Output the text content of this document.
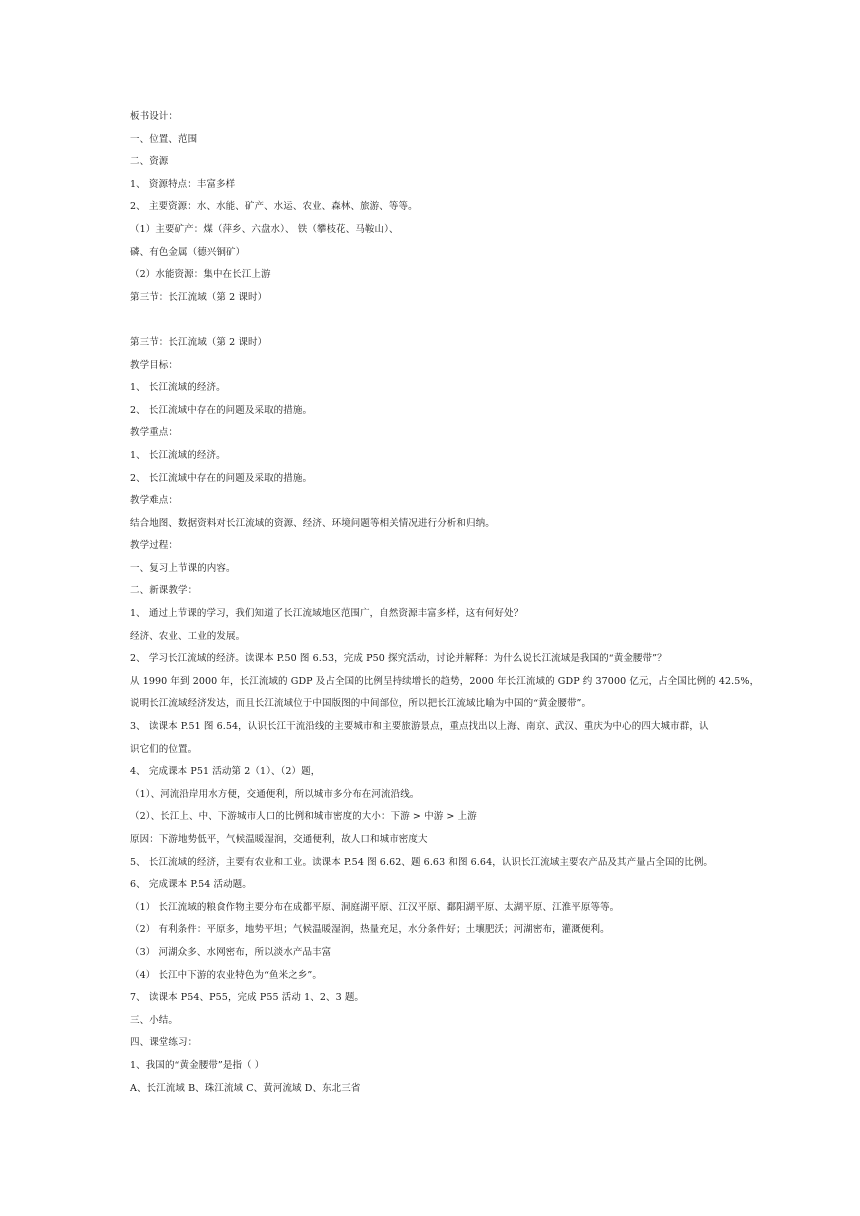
板书设计：
一、位置、范围
二、资源
1、 资源特点：丰富多样
2、 主要资源：水、水能、矿产、水运、农业、森林、旅游、等等。
（1）主要矿产：煤（萍乡、六盘水）、 铁（攀枝花、马鞍山）、
磷、有色金属（德兴铜矿）
（2）水能资源：集中在长江上游
第三节：长江流域（第 2 课时）
第三节：长江流域（第 2 课时）
教学目标：
1、 长江流域的经济。
2、 长江流域中存在的问题及采取的措施。
教学重点：
1、 长江流域的经济。
2、 长江流域中存在的问题及采取的措施。
教学难点：
结合地图、数据资料对长江流域的资源、经济、环境问题等相关情况进行分析和归纳。
教学过程：
一、复习上节课的内容。
二、新课教学：
1、 通过上节课的学习，我们知道了长江流域地区范围广，自然资源丰富多样，这有何好处？
经济、农业、工业的发展。
2、 学习长江流域的经济。读课本 P.50 图 6.53，完成 P50 探究活动，讨论并解释：为什么说长江流域是我国的“黄金腰带”？
从 1990 年到 2000 年，长江流域的 GDP 及占全国的比例呈持续增长的趋势，2000 年长江流域的 GDP 约 37000 亿元，占全国比例的 42.5%，
说明长江流域经济发达，而且长江流域位于中国版图的中间部位，所以把长江流域比喻为中国的“黄金腰带”。
3、 读课本 P.51 图 6.54，认识长江干流沿线的主要城市和主要旅游景点，重点找出以上海、南京、武汉、重庆为中心的四大城市群，认
识它们的位置。
4、 完成课本 P51 活动第 2（1）、（2）题，
（1）、河流沿岸用水方便，交通便利，所以城市多分布在河流沿线。
（2）、长江上、中、下游城市人口的比例和城市密度的大小：下游 > 中游 > 上游
原因：下游地势低平，气候温暖湿润，交通便利，故人口和城市密度大
5、 长江流域的经济，主要有农业和工业。读课本 P.54 图 6.62、题 6.63 和图 6.64，认识长江流域主要农产品及其产量占全国的比例。
6、 完成课本 P.54 活动题。
（1） 长江流域的粮食作物主要分布在成都平原、洞庭湖平原、江汉平原、鄱阳湖平原、太湖平原、江淮平原等等。
（2） 有利条件：平原多，地势平坦；气候温暖湿润，热量充足，水分条件好；土壤肥沃；河湖密布，灌溉便利。
（3） 河湖众多、水网密布，所以淡水产品丰富
（4） 长江中下游的农业特色为“鱼米之乡”。
7、 读课本 P54、P55，完成 P55 活动 1、2、3 题。
三、小结。
四、课堂练习：
1、我国的“黄金腰带”是指（ ）
A、长江流域 B、珠江流域 C、黄河流域 D、东北三省
